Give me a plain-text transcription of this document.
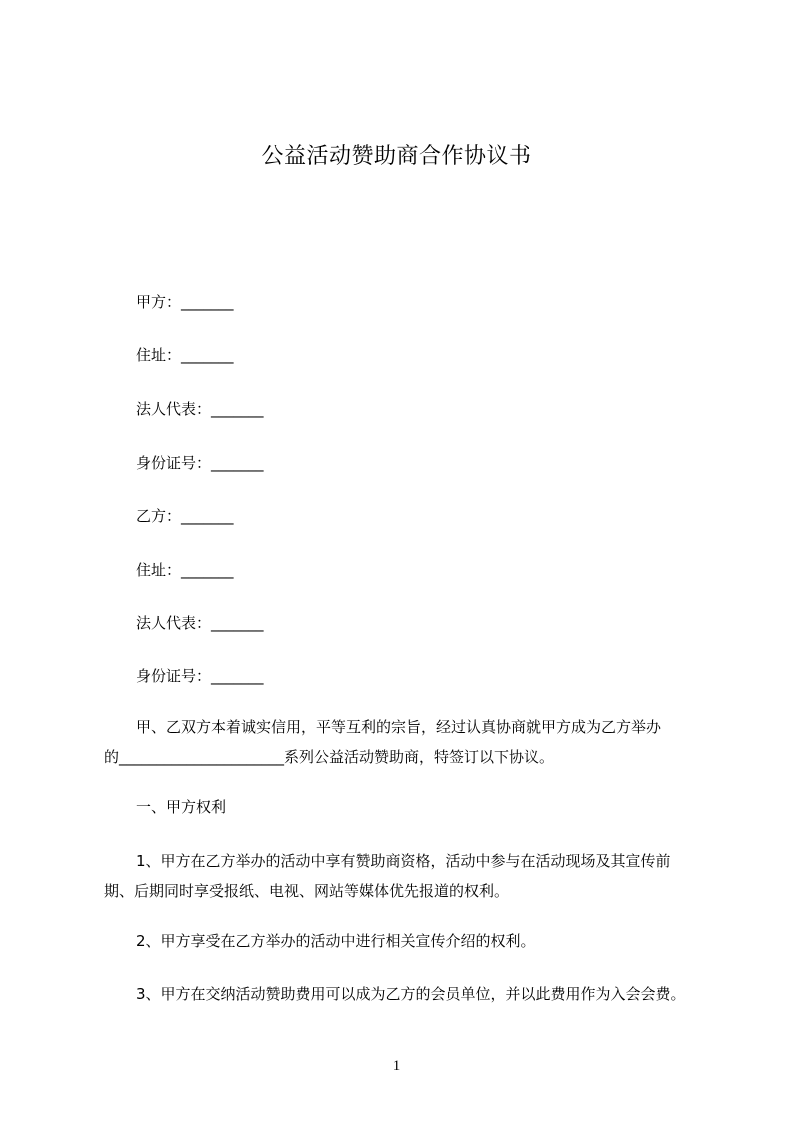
公益活动赞助商合作协议书
甲方：_______
住址：_______
法人代表：_______
身份证号：_______
乙方：_______
住址：_______
法人代表：_______
身份证号：_______
甲、乙双方本着诚实信用，平等互利的宗旨，经过认真协商就甲方成为乙方举办
的______________________系列公益活动赞助商，特签订以下协议。
一、甲方权利
1、甲方在乙方举办的活动中享有赞助商资格，活动中参与在活动现场及其宣传前
期、后期同时享受报纸、电视、网站等媒体优先报道的权利。
2、甲方享受在乙方举办的活动中进行相关宣传介绍的权利。
3、甲方在交纳活动赞助费用可以成为乙方的会员单位，并以此费用作为入会会费。
1
